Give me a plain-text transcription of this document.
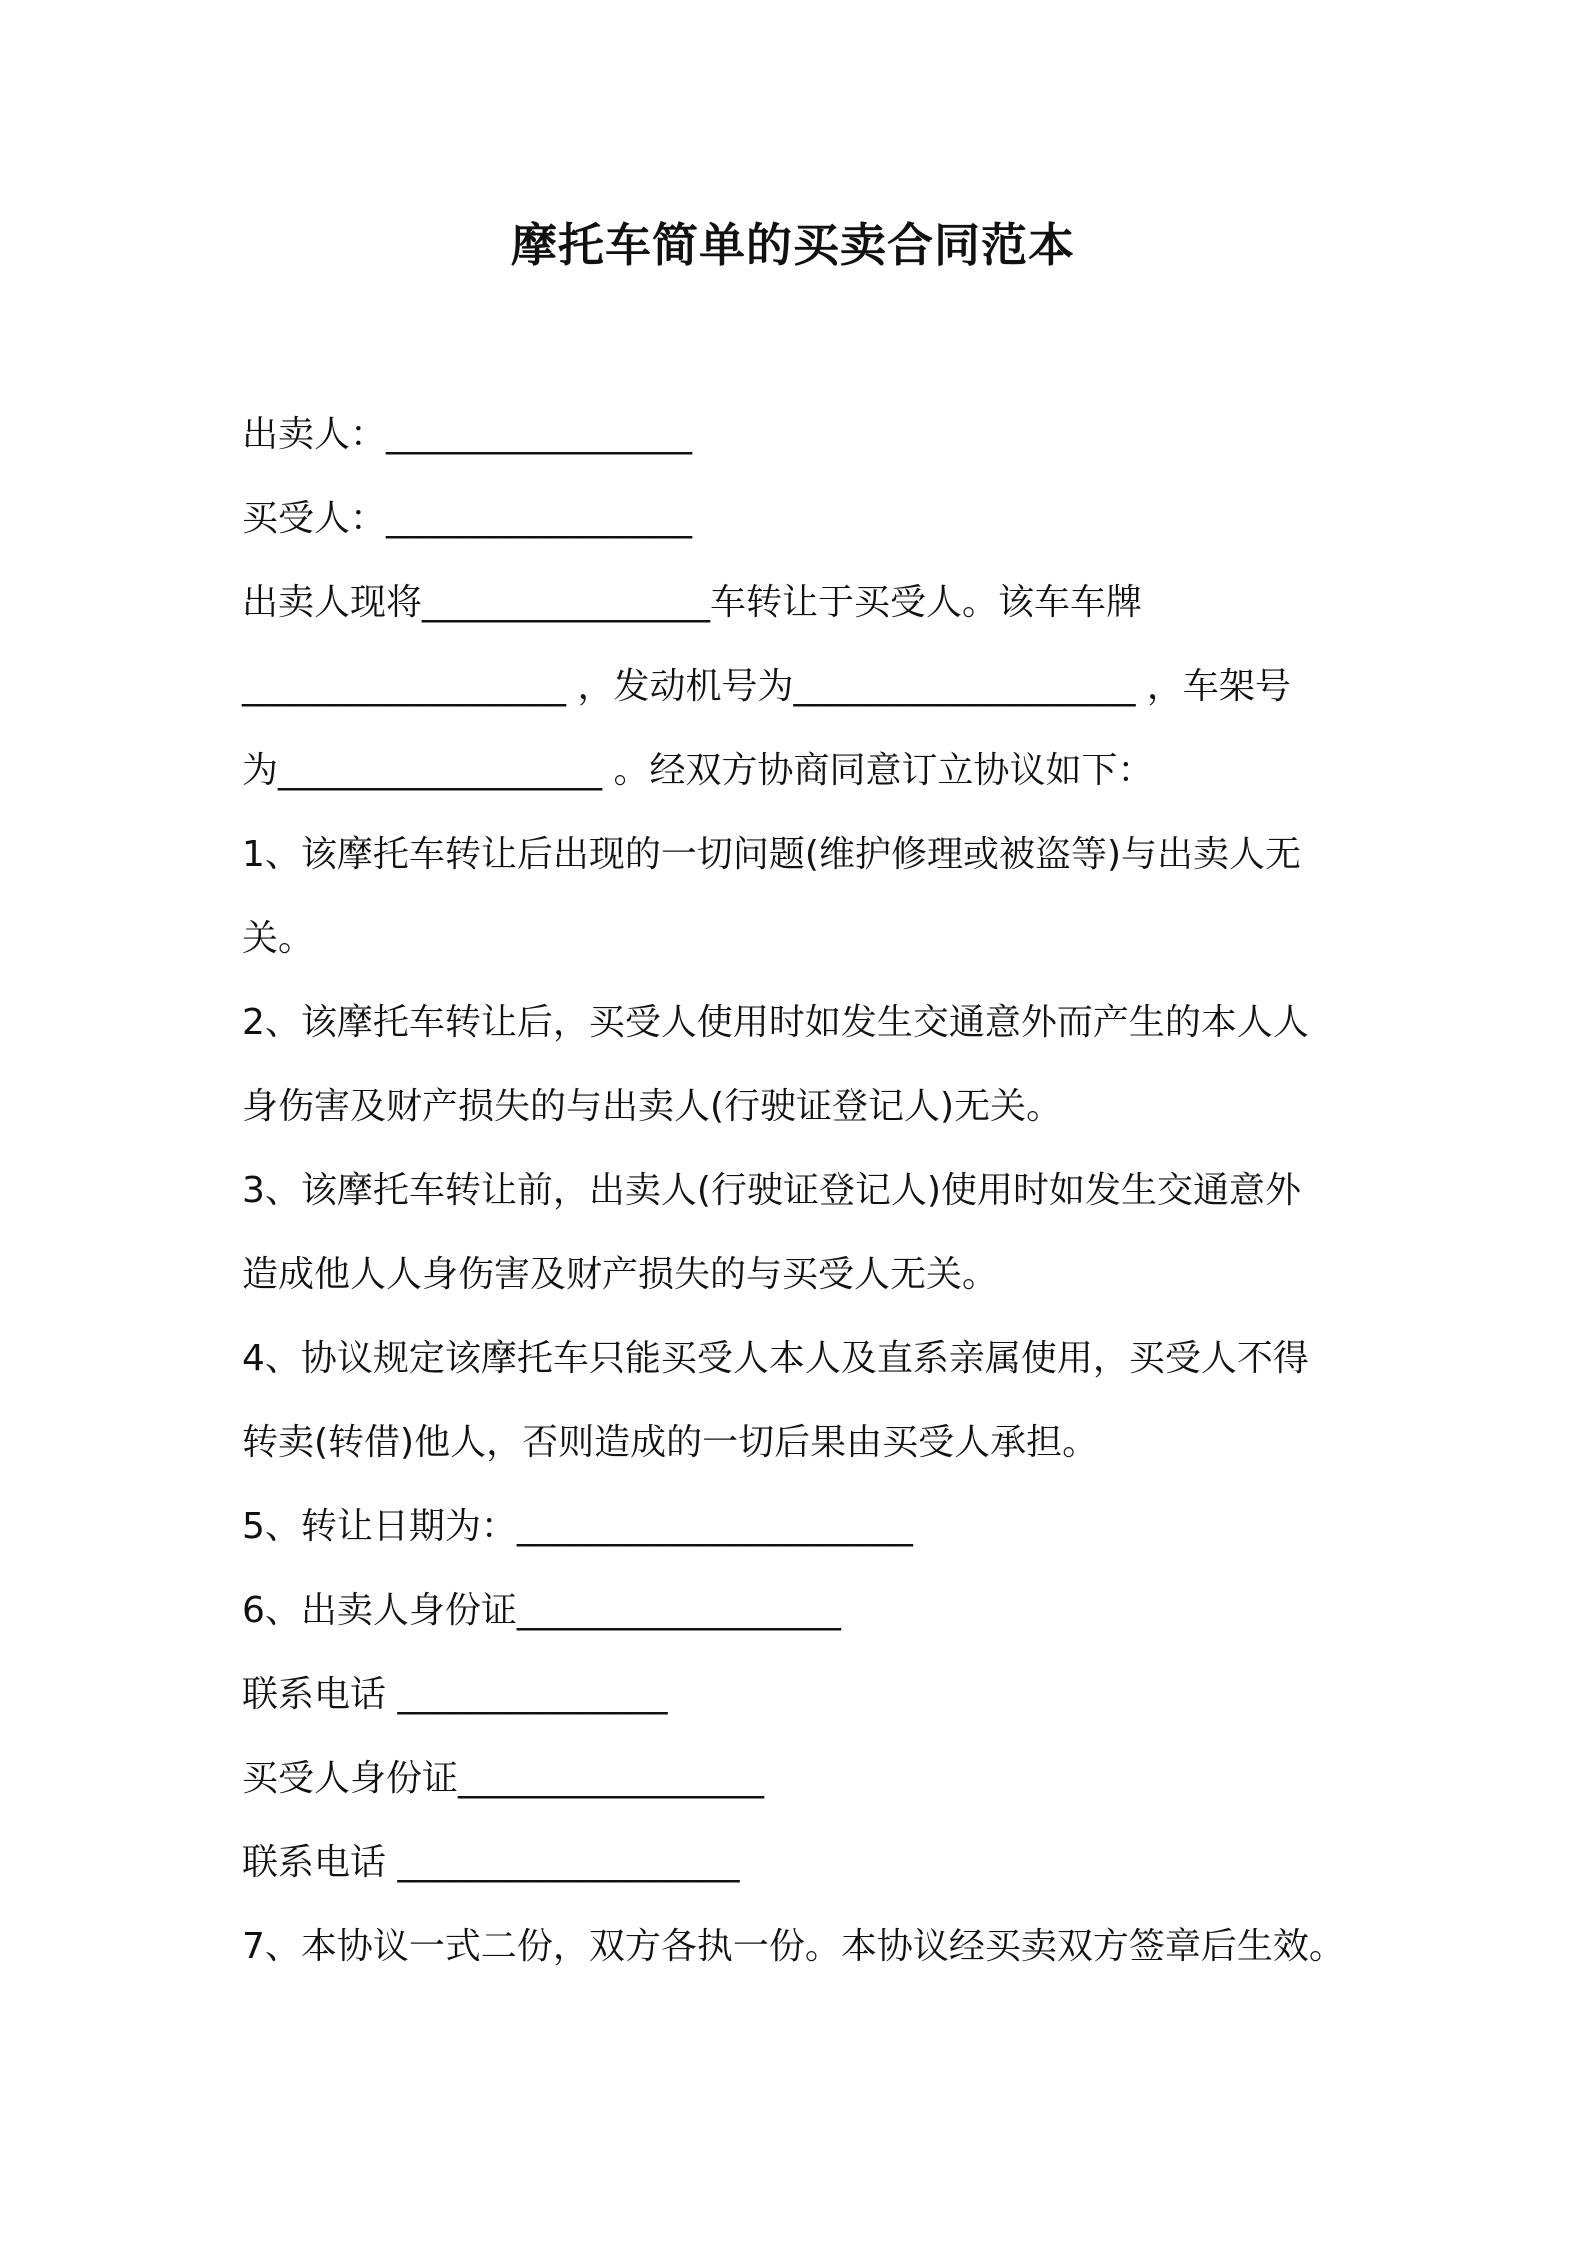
摩托车简单的买卖合同范本
出卖人：_________________
买受人：_________________
出卖人现将________________车转让于买受人。该车车牌
__________________ ，发动机号为___________________ ，车架号
为__________________ 。经双方协商同意订立协议如下：
1、该摩托车转让后出现的一切问题(维护修理或被盗等)与出卖人无
关。
2、该摩托车转让后，买受人使用时如发生交通意外而产生的本人人
身伤害及财产损失的与出卖人(行驶证登记人)无关。
3、该摩托车转让前，出卖人(行驶证登记人)使用时如发生交通意外
造成他人人身伤害及财产损失的与买受人无关。
4、协议规定该摩托车只能买受人本人及直系亲属使用，买受人不得
转卖(转借)他人，否则造成的一切后果由买受人承担。
5、转让日期为：______________________
6、出卖人身份证__________________
联系电话 _______________
买受人身份证_________________
联系电话 ___________________
7、本协议一式二份，双方各执一份。本协议经买卖双方签章后生效。
